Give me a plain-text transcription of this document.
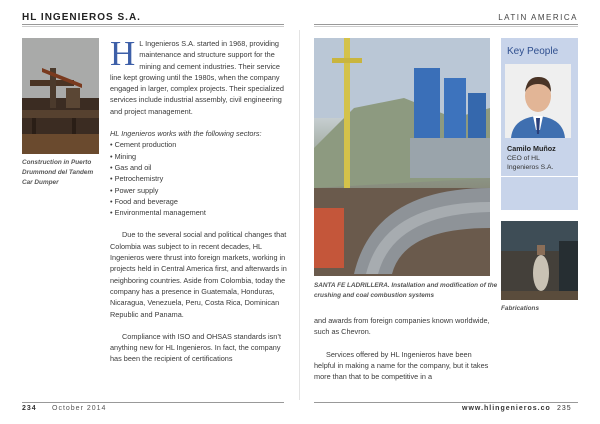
HL INGENIEROS S.A.	LATIN AMERICA
Construction in Puerto Drummond del Tandem Car Dumper

H L Ingenieros S.A. started in 1968, providing maintenance and structure support for the mining and cement industries. Their service line kept growing until the 1980s, when the company engaged in larger, complex projects. Their specialized services include industrial assembly, civil engineering and project management.

HL Ingenieros works with the following sectors:

• Cement production
• Mining
• Gas and oil
• Petrochemistry
• Power supply
• Food and beverage
• Environmental management

Due to the several social and political changes that Colombia was subject to in recent decades, HL Ingenieros were thrust into foreign markets, working in projects held in Central America first, and afterwards in neighboring countries. Aside from Colombia, today the company has a presence in Guatemala, Honduras, Nicaragua, Venezuela, Peru, Costa Rica, Dominican Republic and Panama.

Compliance with ISO and OHSAS standards isn’t anything new for HL Ingenieros. In fact, the company has been the recipient of certifications

SANTA FE LADRILLERA. Installation and modification of the crushing and coal combustion systems

and awards from foreign companies known worldwide, such as Chevron.

Services offered by HL Ingenieros have been helpful in making a name for the company, but it takes more than that to be competitive in a

Key People
Camilo Muñoz
CEO of HL Ingenieros S.A.
Fabrications
234 October 2014	www.hlingenieros.co 235
